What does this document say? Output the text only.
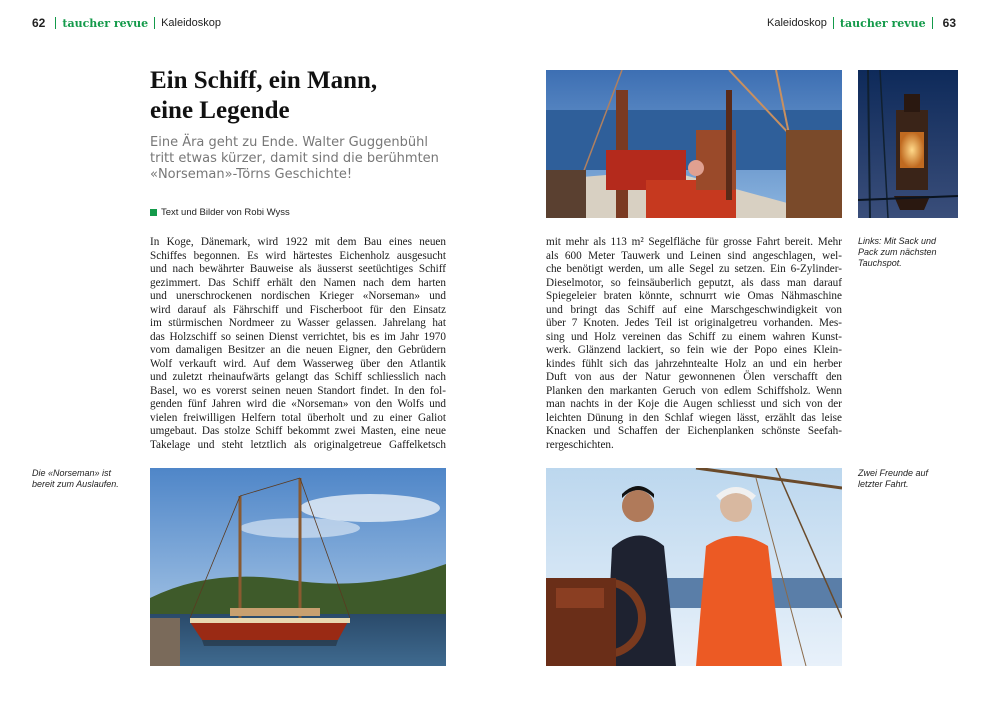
62 taucher revue Kaleidoskop	Kaleidoskop taucher revue 63
Ein Schiff, ein Mann,
eine Legende
Eine Ära geht zu Ende. Walter Guggenbühl
tritt etwas kürzer, damit sind die berühmten
«Norseman»-Törns Geschichte!
Text und Bilder von Robi Wyss
In Koge, Dänemark, wird 1922 mit dem Bau eines neuen
Schiffes begonnen. Es wird härtestes Eichenholz ausgesucht
und nach bewährter Bauweise als äusserst seetüchtiges Schiff
gezimmert. Das Schiff erhält den Namen nach dem harten
und unerschrockenen nordischen Krieger «Norseman» und
wird darauf als Fährschiff und Fischerboot für den Einsatz
im stürmischen Nordmeer zu Wasser gelassen. Jahrelang hat
das Holzschiff so seinen Dienst verrichtet, bis es im Jahr 1970
vom damaligen Besitzer an die neuen Eigner, den Gebrüdern
Wolf verkauft wird. Auf dem Wasserweg über den Atlantik
und zuletzt rheinaufwärts gelangt das Schiff schliesslich nach
Basel, wo es vorerst seinen neuen Standort findet. In den fol-
genden fünf Jahren wird die «Norseman» von den Wolfs und
vielen freiwilligen Helfern total überholt und zu einer Galiot
umgebaut. Das stolze Schiff bekommt zwei Masten, eine neue
Takelage und steht letztlich als originalgetreue Gaffelketsch
mit mehr als 113 m² Segelfläche für grosse Fahrt bereit. Mehr
als 600 Meter Tauwerk und Leinen sind angeschlagen, wel-
che benötigt werden, um alle Segel zu setzen. Ein 6-Zylinder-
Dieselmotor, so feinsäuberlich geputzt, als dass man darauf
Spiegeleier braten könnte, schnurrt wie Omas Nähmaschine
und bringt das Schiff auf eine Marschgeschwindigkeit von
über 7 Knoten. Jedes Teil ist originalgetreu vorhanden. Mes-
sing und Holz vereinen das Schiff zu einem wahren Kunst-
werk. Glänzend lackiert, so fein wie der Popo eines Klein-
kindes fühlt sich das jahrzehntealte Holz an und ein herber
Duft von aus der Natur gewonnenen Ölen verschafft den
Planken den markanten Geruch von edlem Schiffsholz. Wenn
man nachts in der Koje die Augen schliesst und sich von der
leichten Dünung in den Schlaf wiegen lässt, erzählt das leise
Knacken und Schaffen der Eichenplanken schönste Seefah-
rergeschichten.
Die «Norseman» ist
bereit zum Auslaufen.
Links: Mit Sack und
Pack zum nächsten
Tauchspot.
Zwei Freunde auf
letzter Fahrt.
